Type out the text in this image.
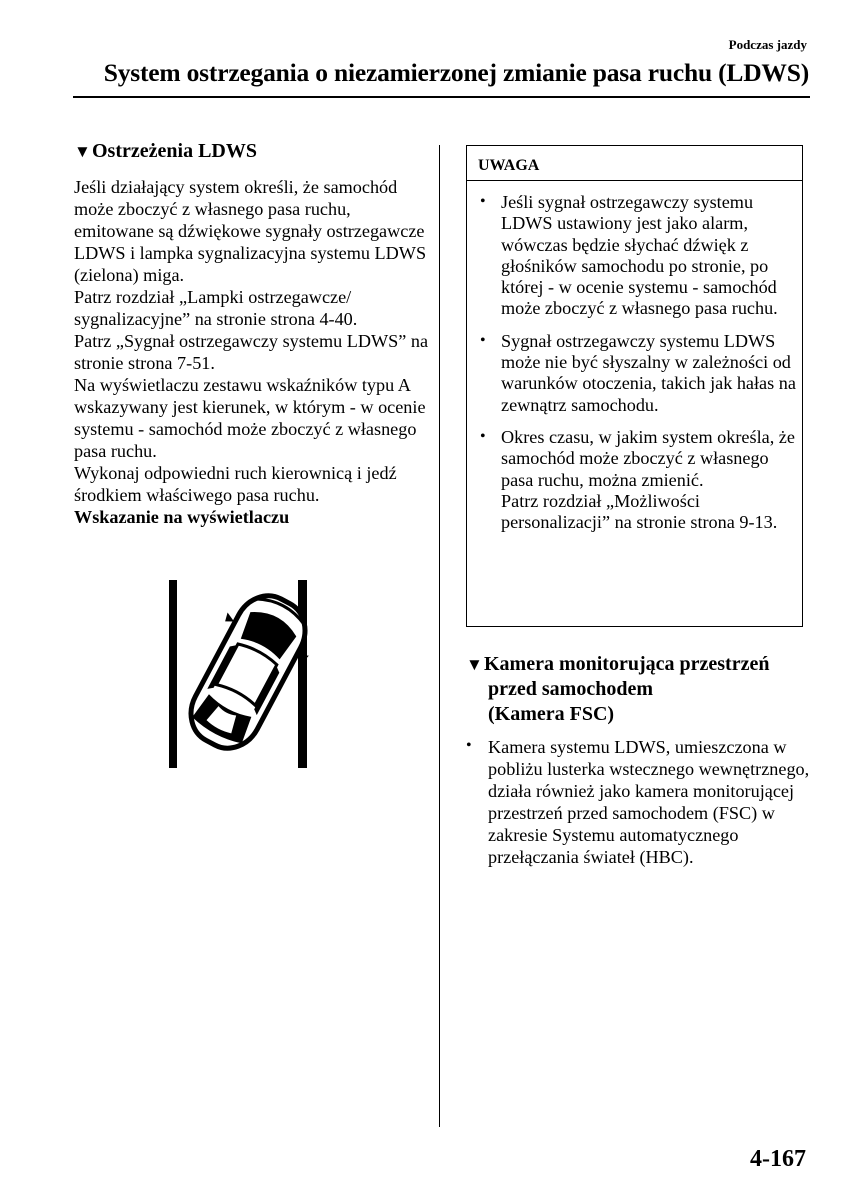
Podczas jazdy
System ostrzegania o niezamierzonej zmianie pasa ruchu (LDWS)
▼Ostrzeżenia LDWS

Jeśli działający system określi, że samochód może zboczyć z własnego pasa ruchu, emitowane są dźwiękowe sygnały ostrzegawcze LDWS i lampka sygnalizacyjna systemu LDWS (zielona) miga.

Patrz rozdział „Lampki ostrzegawcze/ sygnalizacyjne” na stronie strona 4-40.

Patrz „Sygnał ostrzegawczy systemu LDWS” na stronie strona 7-51.

Na wyświetlaczu zestawu wskaźników typu A wskazywany jest kierunek, w którym - w ocenie systemu - samochód może zboczyć z własnego pasa ruchu.

Wykonaj odpowiedni ruch kierownicą i jedź środkiem właściwego pasa ruchu.

Wskazanie na wyświetlaczu

UWAGA
• Jeśli sygnał ostrzegawczy systemu LDWS ustawiony jest jako alarm, wówczas będzie słychać dźwięk z głośników samochodu po stronie, po której - w ocenie systemu - samochód może zboczyć z własnego pasa ruchu.
• Sygnał ostrzegawczy systemu LDWS może nie być słyszalny w zależności od warunków otoczenia, takich jak hałas na zewnątrz samochodu.
• Okres czasu, w jakim system określa, że samochód może zboczyć z własnego pasa ruchu, można zmienić.
Patrz rozdział „Możliwości personalizacji” na stronie strona 9-13.
▼Kamera monitorująca przestrzeń
przed samochodem
(Kamera FSC)
• Kamera systemu LDWS, umieszczona w pobliżu lusterka wstecznego wewnętrznego, działa również jako kamera monitorującej przestrzeń przed samochodem (FSC) w zakresie Systemu automatycznego przełączania świateł (HBC).
4-167
